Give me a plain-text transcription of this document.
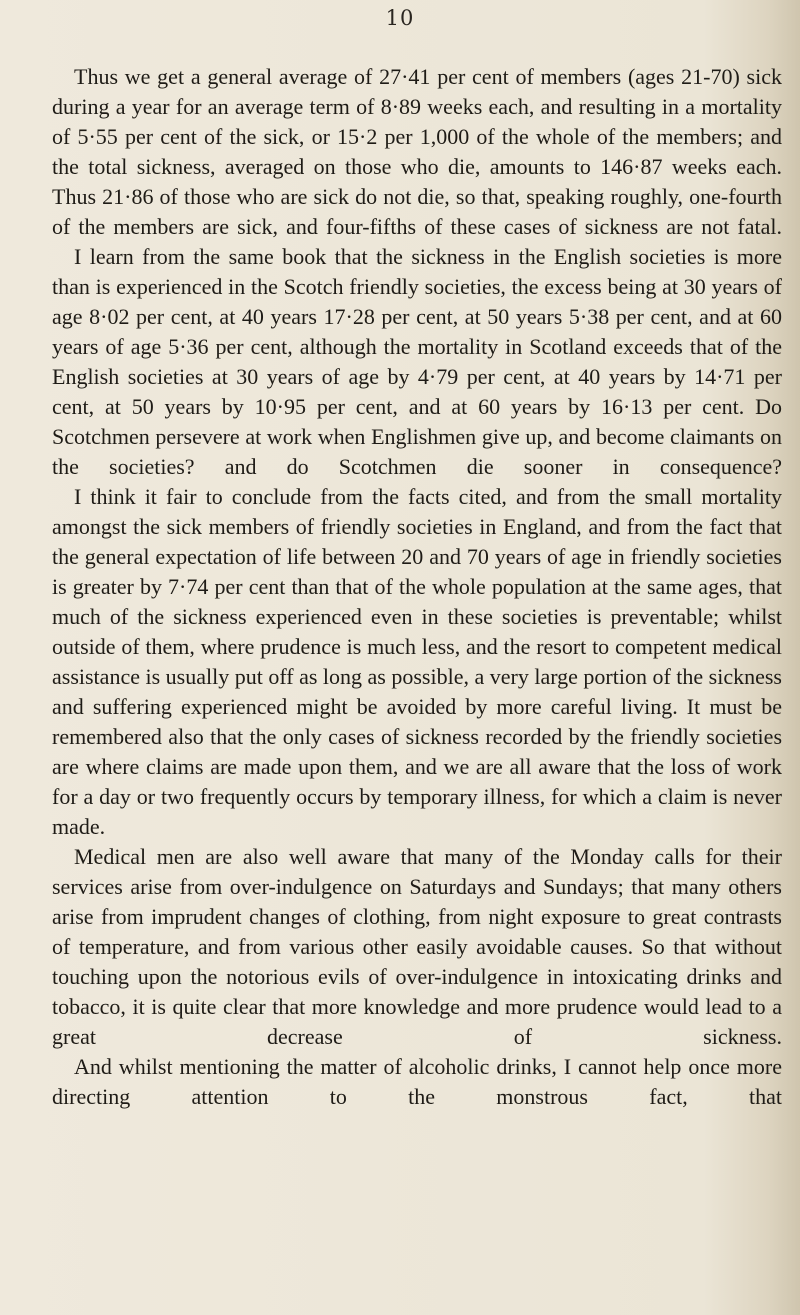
10

Thus we get a general average of 27·41 per cent of members (ages 21-70) sick during a year for an average term of 8·89 weeks each, and resulting in a mortality of 5·55 per cent of the sick, or 15·2 per 1,000 of the whole of the members; and the total sickness, averaged on those who die, amounts to 146·87 weeks each. Thus 21·86 of those who are sick do not die, so that, speaking roughly, one-fourth of the members are sick, and four-fifths of these cases of sickness are not fatal.

I learn from the same book that the sickness in the English societies is more than is experienced in the Scotch friendly societies, the excess being at 30 years of age 8·02 per cent, at 40 years 17·28 per cent, at 50 years 5·38 per cent, and at 60 years of age 5·36 per cent, although the mortality in Scotland exceeds that of the English societies at 30 years of age by 4·79 per cent, at 40 years by 14·71 per cent, at 50 years by 10·95 per cent, and at 60 years by 16·13 per cent. Do Scotchmen persevere at work when Englishmen give up, and become claimants on the societies? and do Scotchmen die sooner in consequence?

I think it fair to conclude from the facts cited, and from the small mortality amongst the sick members of friendly societies in England, and from the fact that the general expectation of life between 20 and 70 years of age in friendly societies is greater by 7·74 per cent than that of the whole population at the same ages, that much of the sickness experienced even in these societies is preventable; whilst outside of them, where prudence is much less, and the resort to competent medical assistance is usually put off as long as possible, a very large portion of the sickness and suffering experienced might be avoided by more careful living. It must be remembered also that the only cases of sickness recorded by the friendly societies are where claims are made upon them, and we are all aware that the loss of work for a day or two frequently occurs by temporary illness, for which a claim is never made.

Medical men are also well aware that many of the Monday calls for their services arise from over-indulgence on Saturdays and Sundays; that many others arise from imprudent changes of clothing, from night exposure to great contrasts of temperature, and from various other easily avoidable causes. So that without touching upon the notorious evils of over-indulgence in intoxicating drinks and tobacco, it is quite clear that more knowledge and more prudence would lead to a great decrease of sickness.

And whilst mentioning the matter of alcoholic drinks, I cannot help once more directing attention to the monstrous fact, that
